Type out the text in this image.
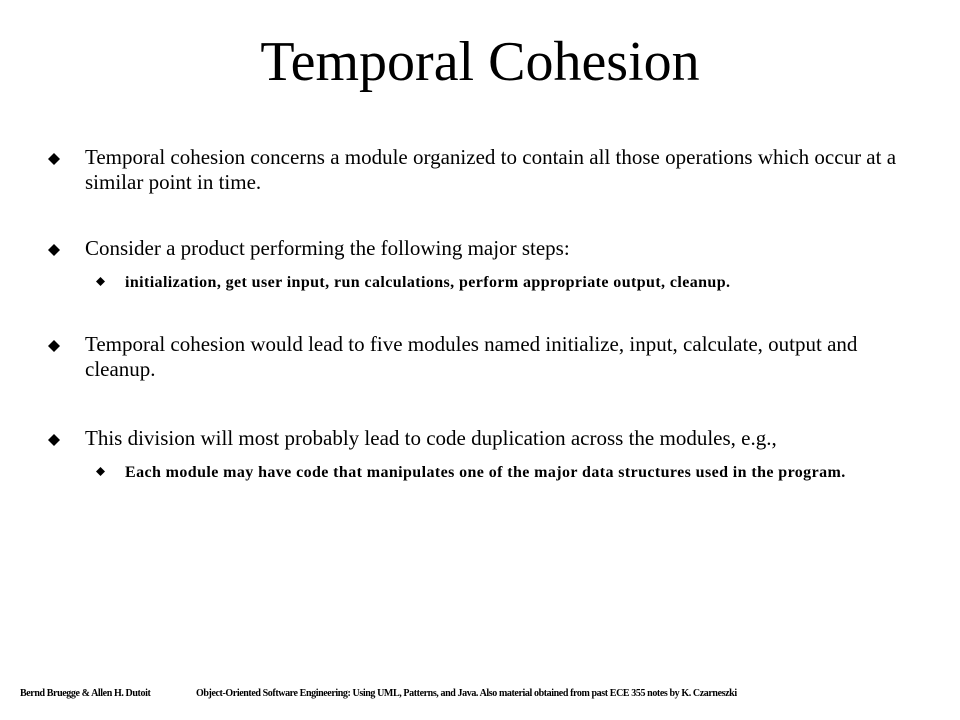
Temporal Cohesion
Temporal cohesion concerns a module organized to contain all those operations which occur at a similar point in time.
Consider a product performing the following major steps:
initialization, get user input, run calculations, perform appropriate output, cleanup.
Temporal cohesion would lead to five modules named initialize, input, calculate, output and cleanup.
This division will most probably lead to code duplication across the modules, e.g.,
Each module may have code that manipulates one of the major data structures used in the program.
Bernd Bruegge & Allen H. Dutoit	Object-Oriented Software Engineering: Using UML, Patterns, and Java. Also material obtained from past ECE 355 notes by K. Czarneszki
